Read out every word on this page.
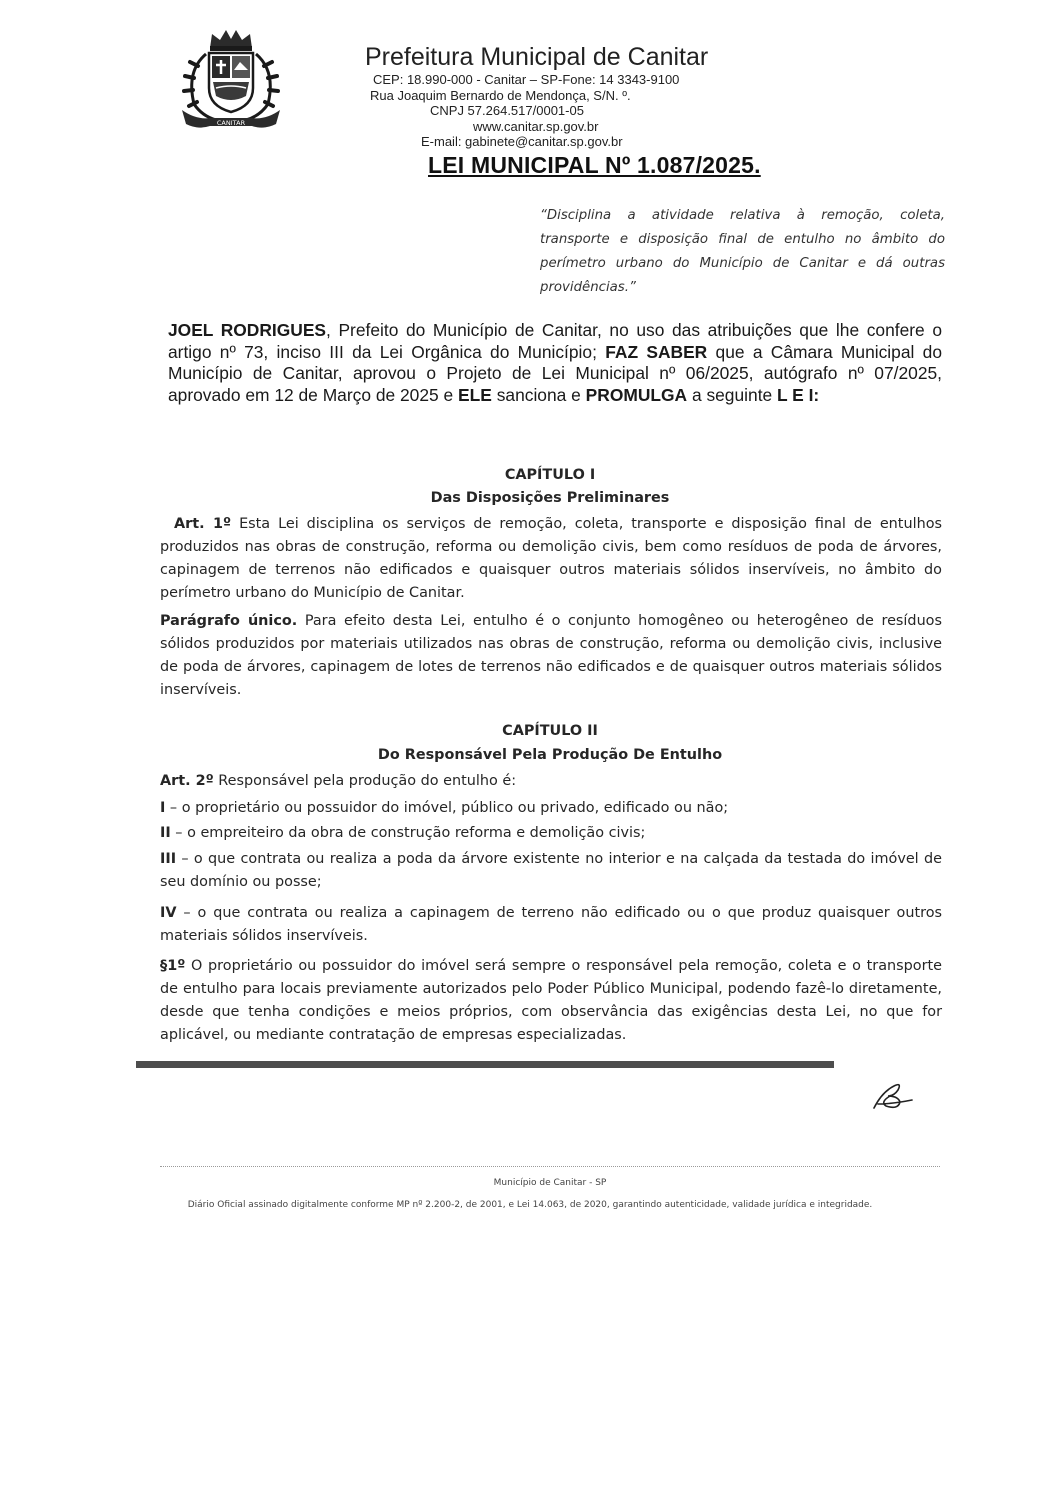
CANITAR
Prefeitura Municipal de Canitar
CEP: 18.990-000 - Canitar – SP-Fone: 14 3343-9100
Rua Joaquim Bernardo de Mendonça, S/N. º.
CNPJ 57.264.517/0001-05
www.canitar.sp.gov.br
E-mail: gabinete@canitar.sp.gov.br
LEI MUNICIPAL Nº 1.087/2025.
“Disciplina a atividade relativa à remoção, coleta, transporte e disposição final de entulho no âmbito do perímetro urbano do Município de Canitar e dá outras providências.”
JOEL RODRIGUES, Prefeito do Município de Canitar, no uso das atribuições que lhe confere o artigo nº 73, inciso III da Lei Orgânica do Município; FAZ SABER que a Câmara Municipal do Município de Canitar, aprovou o Projeto de Lei Municipal nº 06/2025, autógrafo nº 07/2025, aprovado em 12 de Março de 2025 e ELE sanciona e PROMULGA a seguinte L E I:
CAPÍTULO I
Das Disposições Preliminares
Art. 1º Esta Lei disciplina os serviços de remoção, coleta, transporte e disposição final de entulhos produzidos nas obras de construção, reforma ou demolição civis, bem como resíduos de poda de árvores, capinagem de terrenos não edificados e quaisquer outros materiais sólidos inservíveis, no âmbito do perímetro urbano do Município de Canitar.
Parágrafo único. Para efeito desta Lei, entulho é o conjunto homogêneo ou heterogêneo de resíduos sólidos produzidos por materiais utilizados nas obras de construção, reforma ou demolição civis, inclusive de poda de árvores, capinagem de lotes de terrenos não edificados e de quaisquer outros materiais sólidos inservíveis.
CAPÍTULO II
Do Responsável Pela Produção De Entulho
Art. 2º Responsável pela produção do entulho é:
I – o proprietário ou possuidor do imóvel, público ou privado, edificado ou não;
II – o empreiteiro da obra de construção reforma e demolição civis;
III – o que contrata ou realiza a poda da árvore existente no interior e na calçada da testada do imóvel de seu domínio ou posse;
IV – o que contrata ou realiza a capinagem de terreno não edificado ou o que produz quaisquer outros materiais sólidos inservíveis.
§1º O proprietário ou possuidor do imóvel será sempre o responsável pela remoção, coleta e o transporte de entulho para locais previamente autorizados pelo Poder Público Municipal, podendo fazê-lo diretamente, desde que tenha condições e meios próprios, com observância das exigências desta Lei, no que for aplicável, ou mediante contratação de empresas especializadas.
Município de Canitar - SP
Diário Oficial assinado digitalmente conforme MP nº 2.200-2, de 2001, e Lei 14.063, de 2020, garantindo autenticidade, validade jurídica e integridade.
